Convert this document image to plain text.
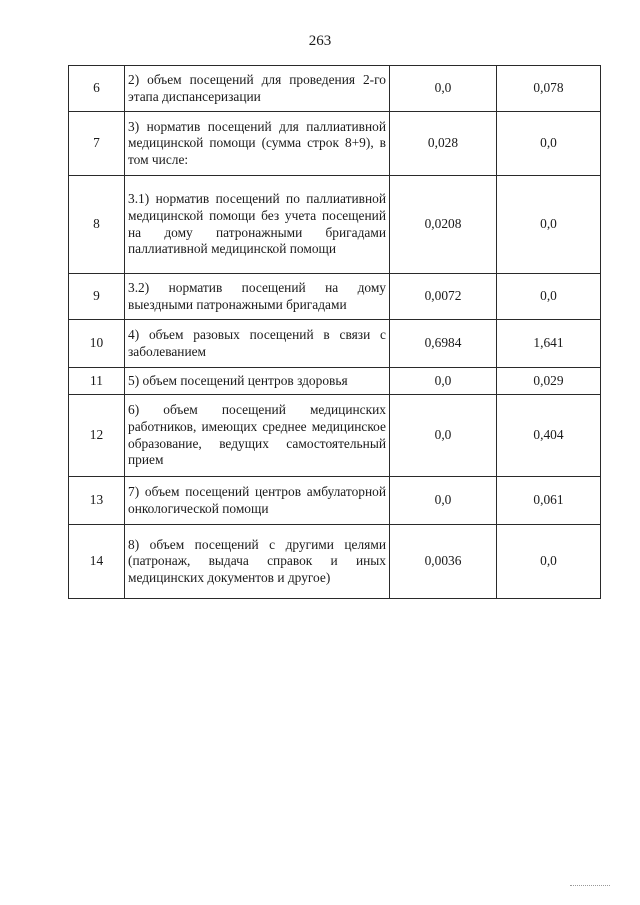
263
6	2) объем посещений для проведения 2-го этапа диспансеризации	0,0	0,078
7	3) норматив посещений для паллиативной медицинской помощи (сумма строк 8+9), в том числе:	0,028	0,0
8	3.1) норматив посещений по паллиативной медицинской помощи без учета посещений на дому патронажными бригадами паллиативной медицинской помощи	0,0208	0,0
9	3.2) норматив посещений на дому выездными патронажными бригадами	0,0072	0,0
10	4) объем разовых посещений в связи с заболеванием	0,6984	1,641
11	5) объем посещений центров здоровья	0,0	0,029
12	6) объем посещений медицинских работников, имеющих среднее медицинское образование, ведущих самостоятельный прием	0,0	0,404
13	7) объем посещений центров амбулаторной онкологической помощи	0,0	0,061
14	8) объем посещений с другими целями (патронаж, выдача справок и иных медицинских документов и другое)	0,0036	0,0
